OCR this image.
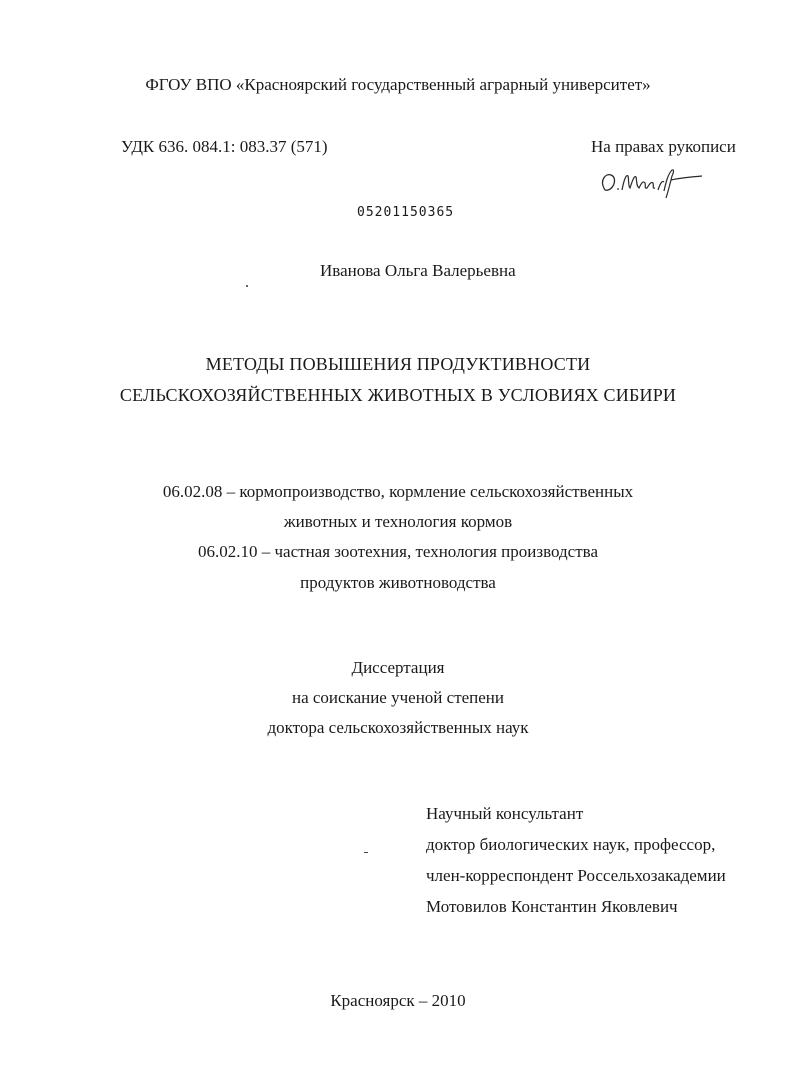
ФГОУ ВПО «Красноярский государственный аграрный университет»
УДК 636. 084.1: 083.37 (571)	На правах рукописи
05201150365
Иванова Ольга Валерьевна
МЕТОДЫ ПОВЫШЕНИЯ ПРОДУКТИВНОСТИ
СЕЛЬСКОХОЗЯЙСТВЕННЫХ ЖИВОТНЫХ В УСЛОВИЯХ СИБИРИ
06.02.08 – кормопроизводство, кормление сельскохозяйственных
животных и технология кормов
06.02.10 – частная зоотехния, технология производства
продуктов животноводства
Диссертация
на соискание ученой степени
доктора сельскохозяйственных наук
Научный консультант
доктор биологических наук, профессор,
член-корреспондент Россельхозакадемии
Мотовилов Константин Яковлевич
Красноярск – 2010
